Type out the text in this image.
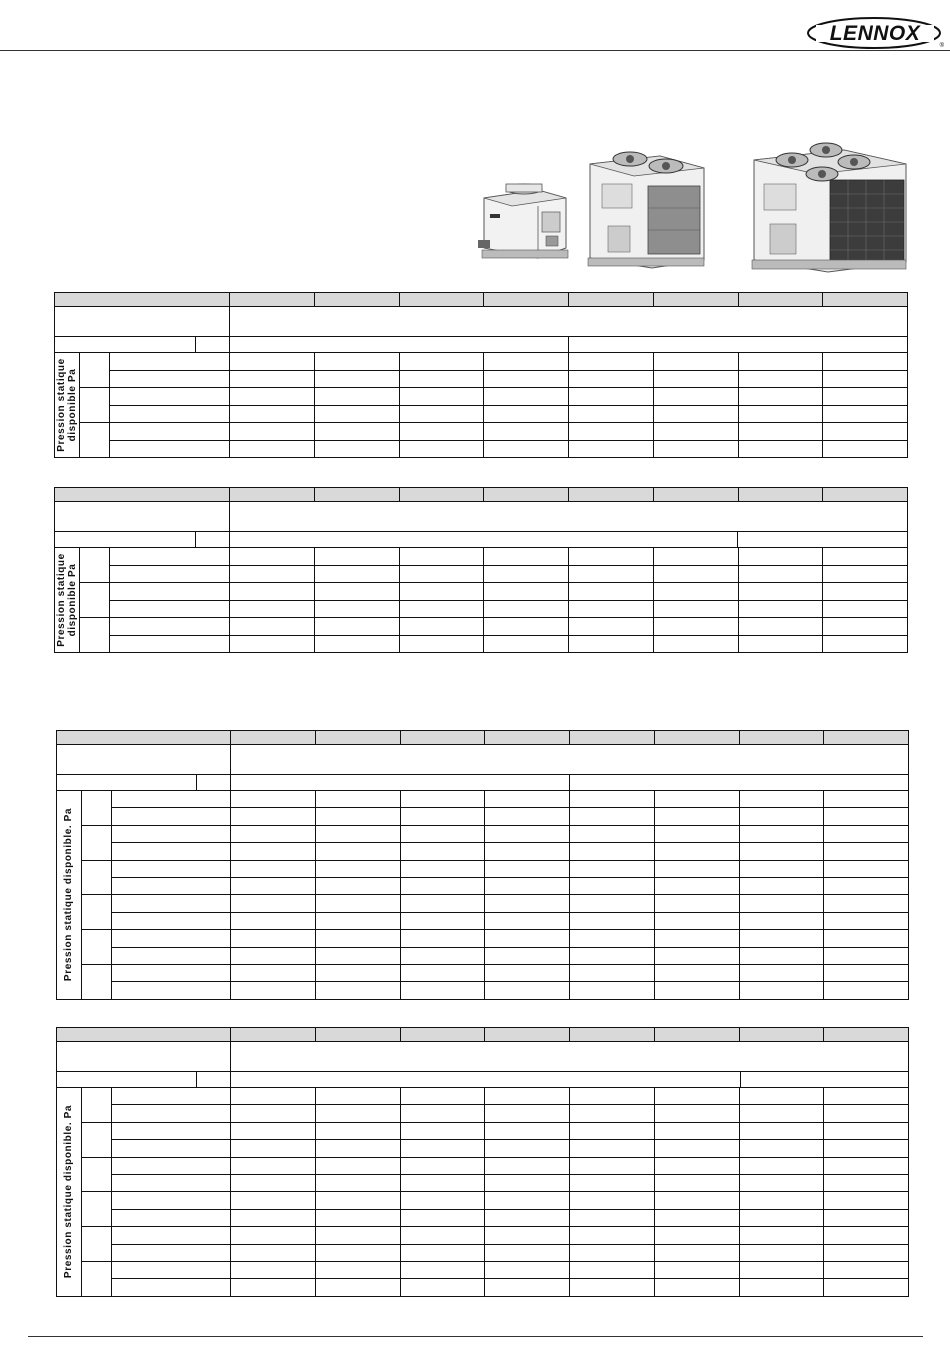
LENNOX
®
Pression statique disponible Pa
Pression statique disponible Pa
Pression statique disponible. Pa
Pression statique disponible. Pa
